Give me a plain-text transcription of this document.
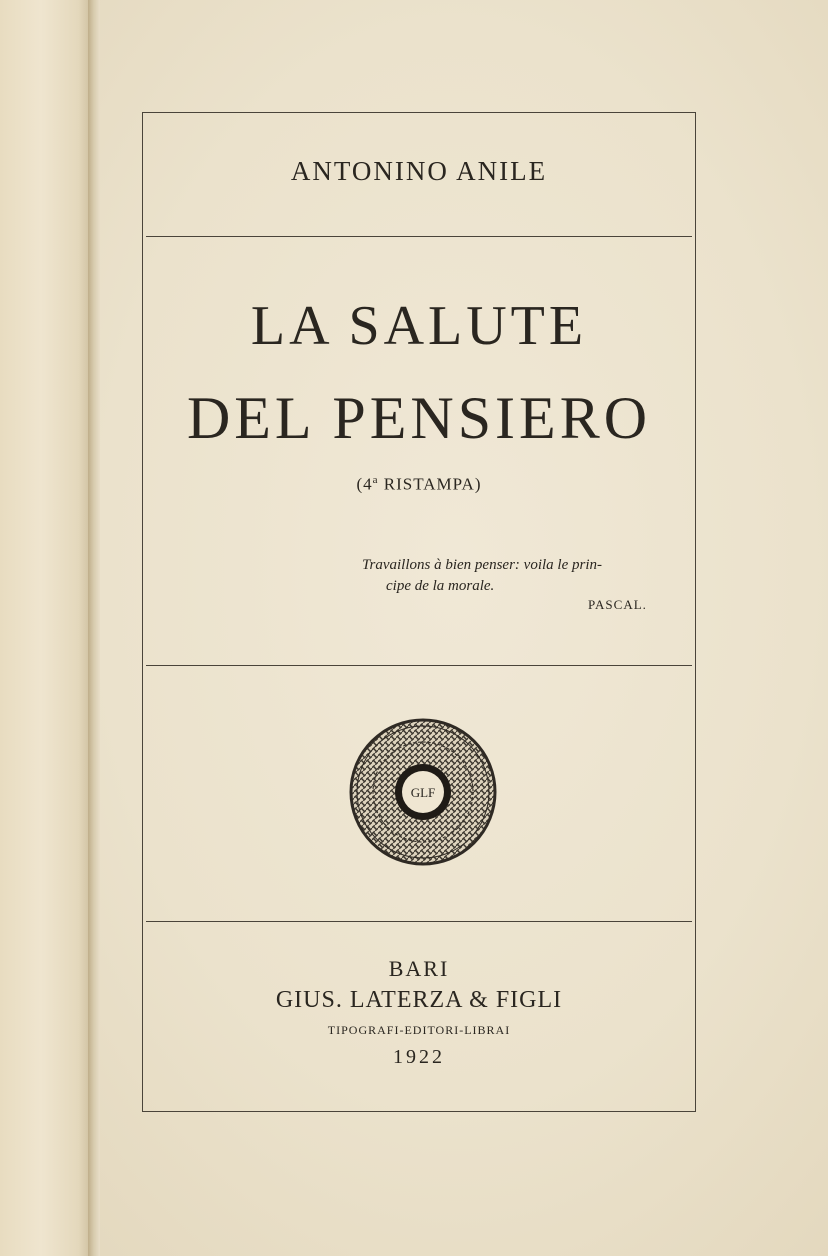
ANTONINO ANILE
LA SALUTE
DEL PENSIERO
(4$^a$ RISTAMPA)
Travaillons à bien penser: voila le prin-
cipe de la morale.
PASCAL.
GLF
BARI
GIUS. LATERZA & FIGLI
TIPOGRAFI-EDITORI-LIBRAI
1922
